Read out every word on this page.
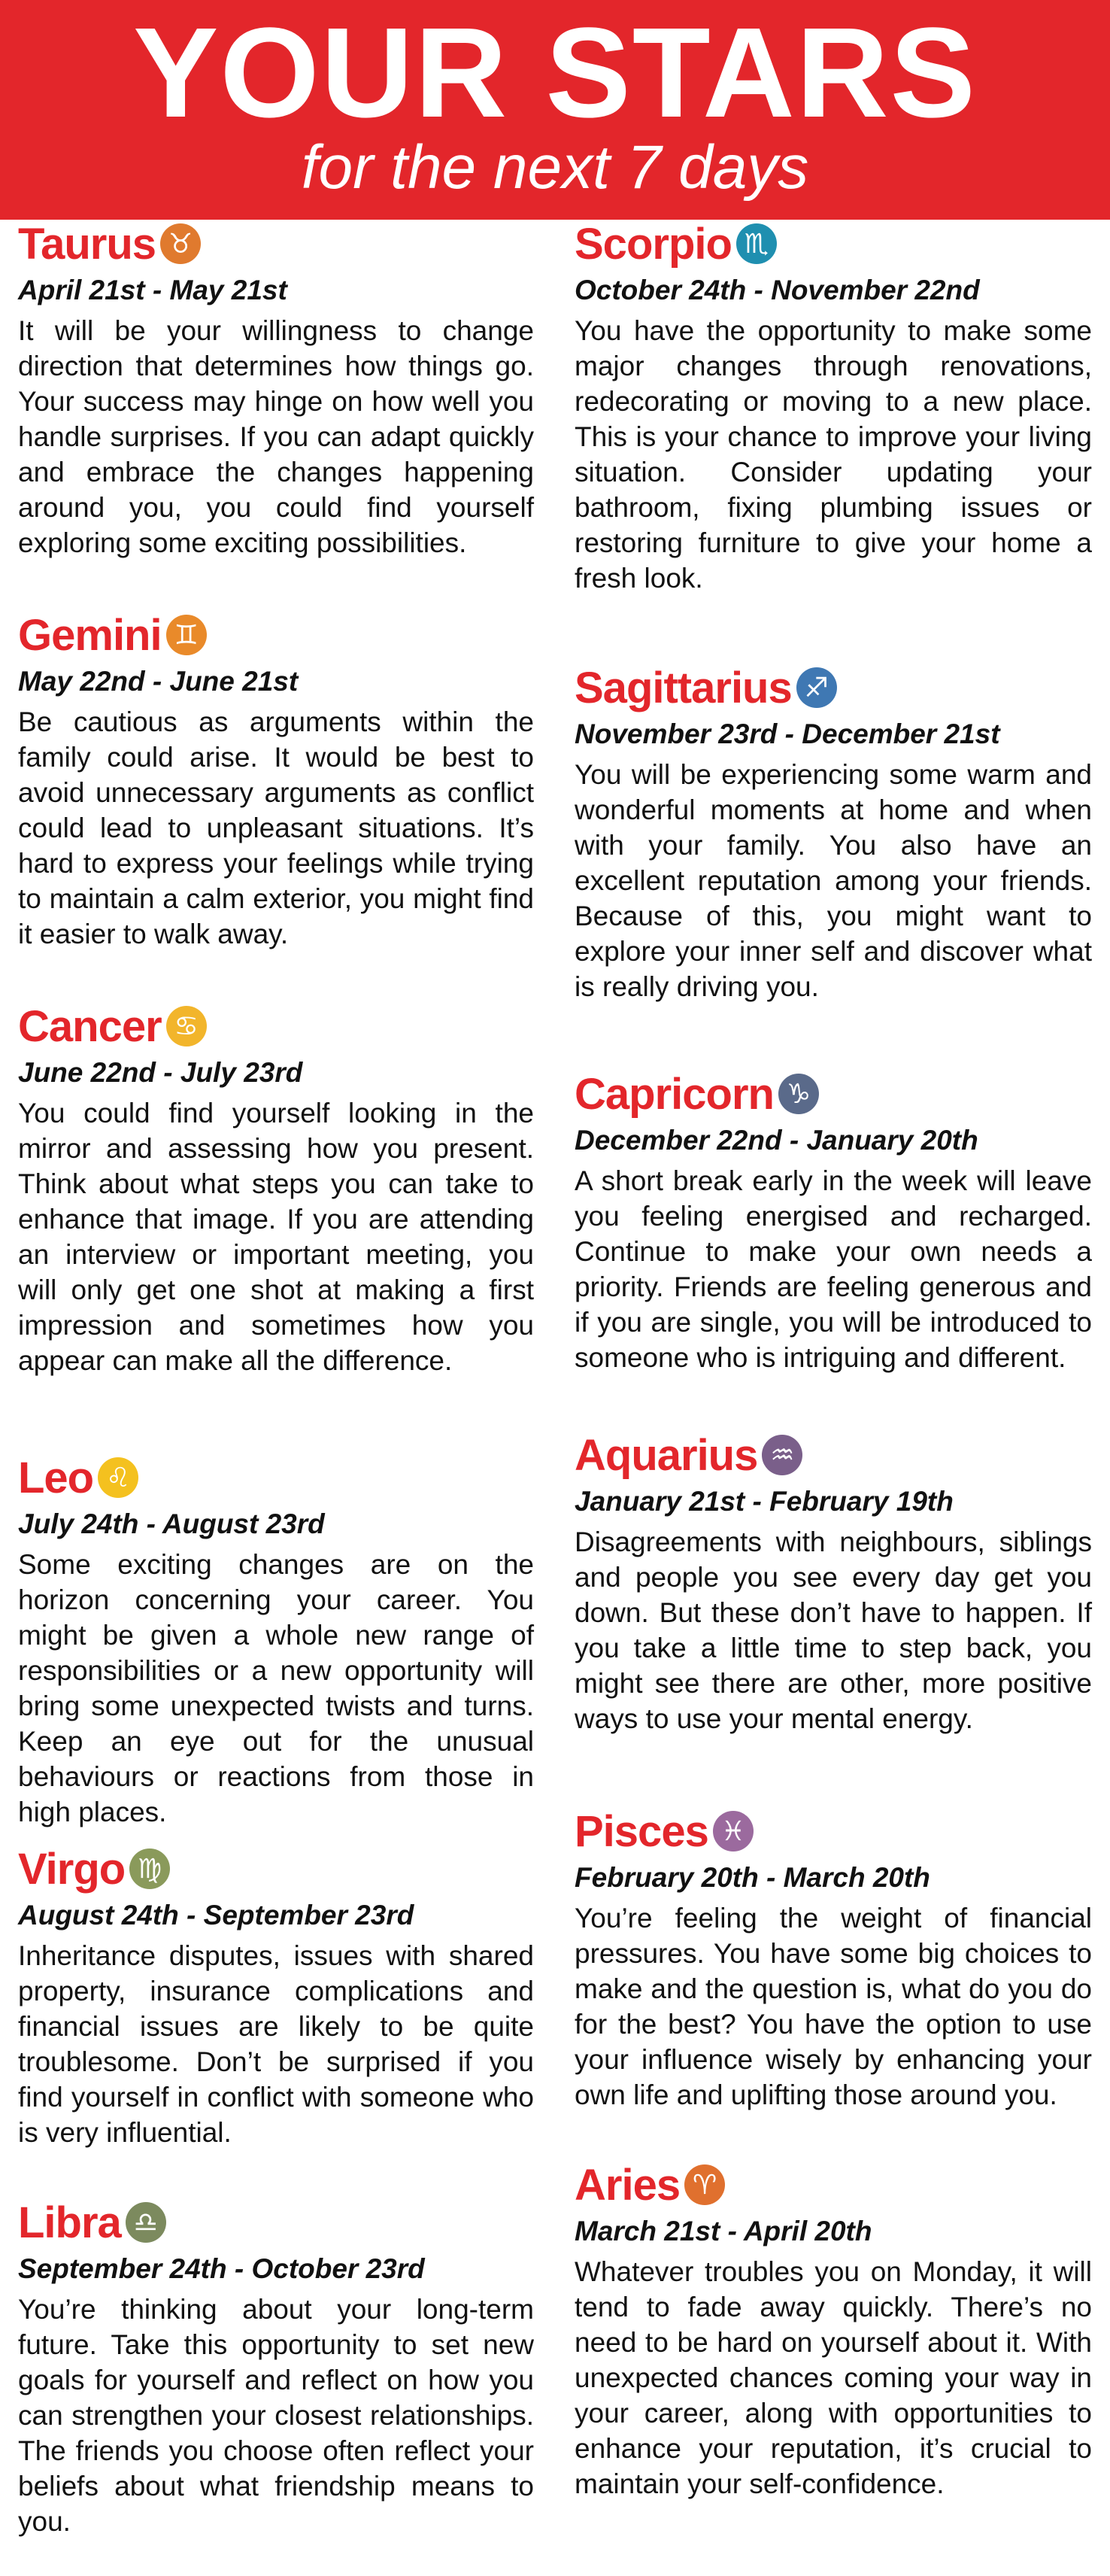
YOUR STARS
for the next 7 days
Taurus ♉
April 21st - May 21st
It will be your willingness to change direction that determines how things go. Your success may hinge on how well you handle surprises. If you can adapt quickly and embrace the changes happening around you, you could find yourself exploring some exciting possibilities.
Gemini ♊
May 22nd - June 21st
Be cautious as arguments within the family could arise. It would be best to avoid unnecessary arguments as conflict could lead to unpleasant situations. It’s hard to express your feelings while trying to maintain a calm exterior, you might find it easier to walk away.
Cancer ♋
June 22nd - July 23rd
You could find yourself looking in the mirror and assessing how you present. Think about what steps you can take to enhance that image. If you are attending an interview or important meeting, you will only get one shot at making a first impression and sometimes how you appear can make all the difference.
Leo ♌
July 24th - August 23rd
Some exciting changes are on the horizon concerning your career. You might be given a whole new range of responsibilities or a new opportunity will bring some unexpected twists and turns. Keep an eye out for the unusual behaviours or reactions from those in high places.
Virgo ♍
August 24th - September 23rd
Inheritance disputes, issues with shared property, insurance complications and financial issues are likely to be quite troublesome. Don’t be surprised if you find yourself in conflict with someone who is very influential.
Libra ♎
September 24th - October 23rd
You’re thinking about your long-term future. Take this opportunity to set new goals for yourself and reflect on how you can strengthen your closest relationships. The friends you choose often reflect your beliefs about what friendship means to you.
Scorpio ♏
October 24th - November 22nd
You have the opportunity to make some major changes through renovations, redecorating or moving to a new place. This is your chance to improve your living situation. Consider updating your bathroom, fixing plumbing issues or restoring furniture to give your home a fresh look.
Sagittarius ♐
November 23rd - December 21st
You will be experiencing some warm and wonderful moments at home and when with your family. You also have an excellent reputation among your friends. Because of this, you might want to explore your inner self and discover what is really driving you.
Capricorn ♑
December 22nd - January 20th
A short break early in the week will leave you feeling energised and recharged. Continue to make your own needs a priority. Friends are feeling generous and if you are single, you will be introduced to someone who is intriguing and different.
Aquarius ♒
January 21st - February 19th
Disagreements with neighbours, siblings and people you see every day get you down. But these don’t have to happen. If you take a little time to step back, you might see there are other, more positive ways to use your mental energy.
Pisces ♓
February 20th - March 20th
You’re feeling the weight of financial pressures. You have some big choices to make and the question is, what do you do for the best? You have the option to use your influence wisely by enhancing your own life and uplifting those around you.
Aries ♈
March 21st - April 20th
Whatever troubles you on Monday, it will tend to fade away quickly. There’s no need to be hard on yourself about it. With unexpected chances coming your way in your career, along with opportunities to enhance your reputation, it’s crucial to maintain your self-confidence.
